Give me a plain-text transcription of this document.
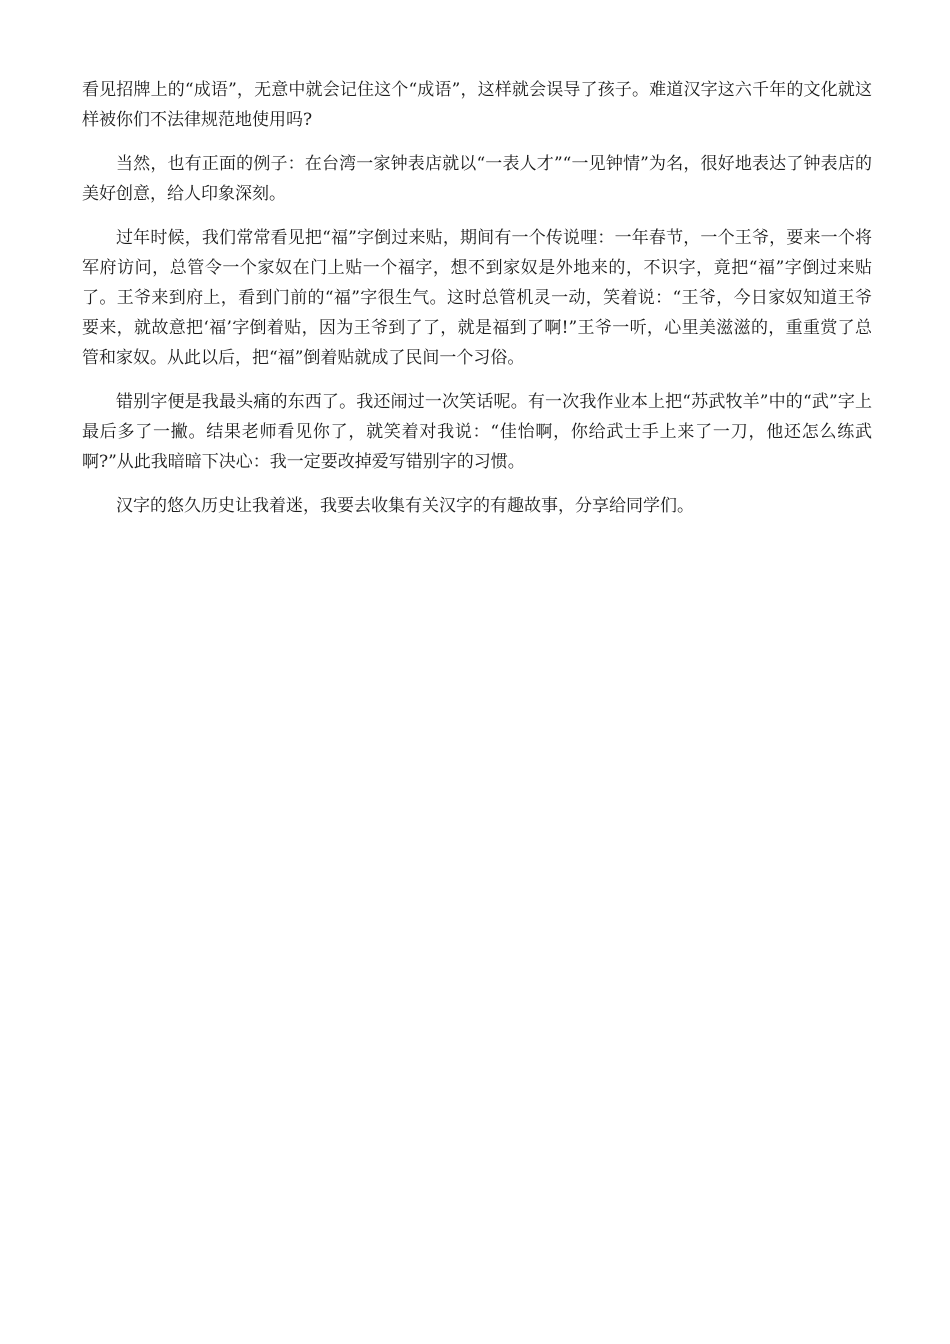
看见招牌上的“成语”，无意中就会记住这个“成语”，这样就会误导了孩子。难道汉字这六千年的文化就这样被你们不法律规范地使用吗?

当然，也有正面的例子：在台湾一家钟表店就以“一表人才”“一见钟情”为名，很好地表达了钟表店的美好创意，给人印象深刻。

过年时候，我们常常看见把“福”字倒过来贴，期间有一个传说哩：一年春节，一个王爷，要来一个将军府访问，总管令一个家奴在门上贴一个福字，想不到家奴是外地来的，不识字，竟把“福”字倒过来贴了。王爷来到府上，看到门前的“福”字很生气。这时总管机灵一动，笑着说：“王爷，今日家奴知道王爷要来，就故意把‘福’字倒着贴，因为王爷到了了，就是福到了啊!”王爷一听，心里美滋滋的，重重赏了总管和家奴。从此以后，把“福”倒着贴就成了民间一个习俗。

错别字便是我最头痛的东西了。我还闹过一次笑话呢。有一次我作业本上把“苏武牧羊”中的“武”字上最后多了一撇。结果老师看见你了，就笑着对我说：“佳怡啊，你给武士手上来了一刀，他还怎么练武啊?”从此我暗暗下决心：我一定要改掉爱写错别字的习惯。

汉字的悠久历史让我着迷，我要去收集有关汉字的有趣故事，分享给同学们。
